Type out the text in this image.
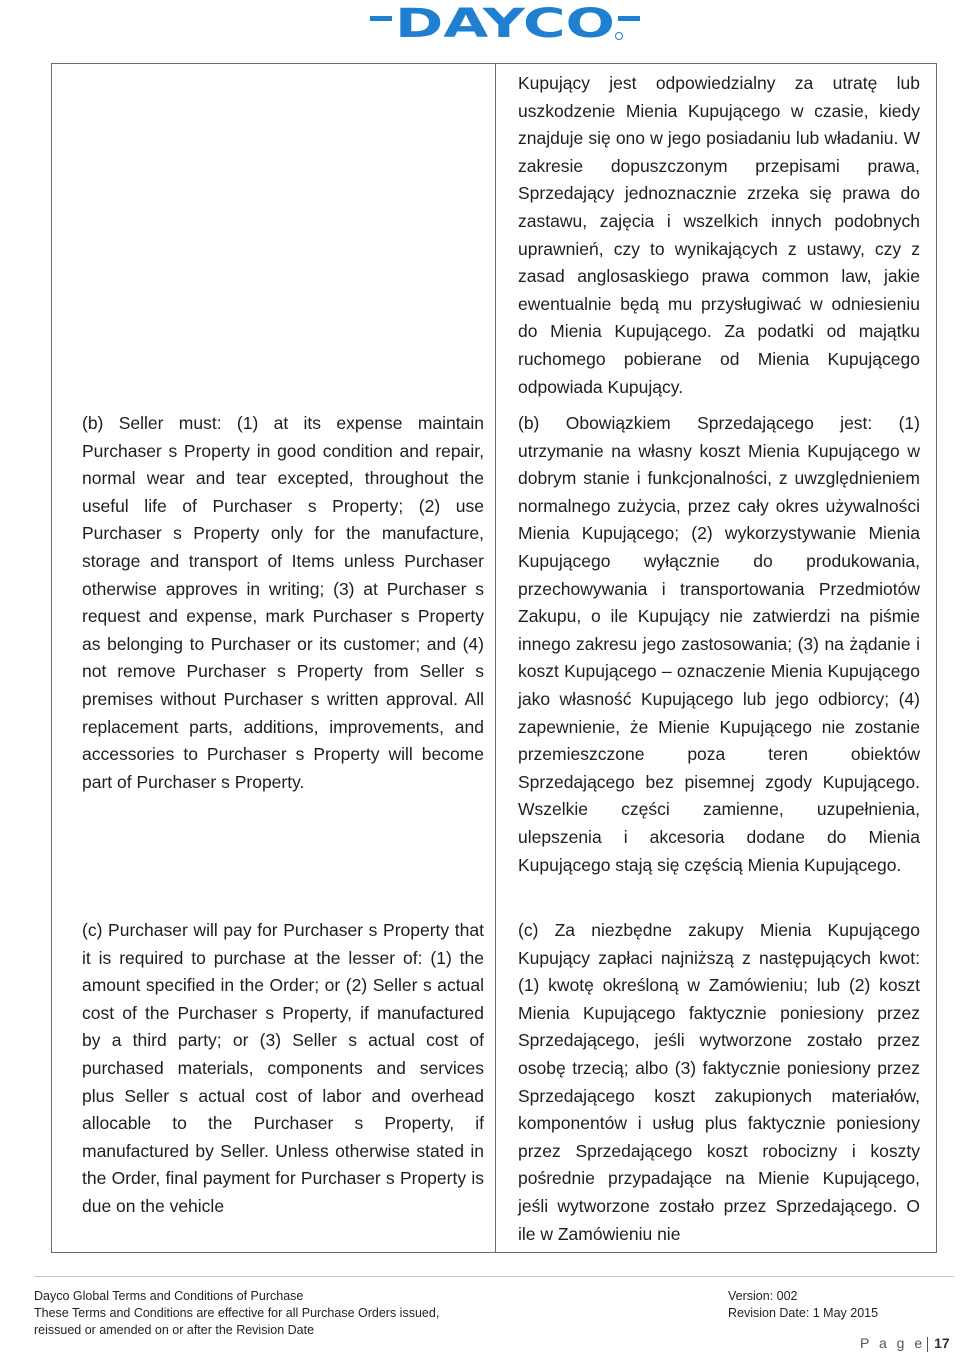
DAYCO

Kupujący jest odpowiedzialny za utratę lub uszkodzenie Mienia Kupującego w czasie, kiedy znajduje się ono w jego posiadaniu lub władaniu. W zakresie dopuszczonym przepisami prawa, Sprzedający jednoznacznie zrzeka się prawa do zastawu, zajęcia i wszelkich innych podobnych uprawnień, czy to wynikających z ustawy, czy z zasad anglosaskiego prawa common law, jakie ewentualnie będą mu przysługiwać w odniesieniu do Mienia Kupującego. Za podatki od majątku ruchomego pobierane od Mienia Kupującego odpowiada Kupujący.

(b) Seller must: (1) at its expense maintain Purchaser s Property in good condition and repair, normal wear and tear excepted, throughout the useful life of Purchaser s Property; (2) use Purchaser s Property only for the manufacture, storage and transport of Items unless Purchaser otherwise approves in writing; (3) at Purchaser s request and expense, mark Purchaser s Property as belonging to Purchaser or its customer; and (4) not remove Purchaser s Property from Seller s premises without Purchaser s written approval. All replacement parts, additions, improvements, and accessories to Purchaser s Property will become part of Purchaser s Property.

(b) Obowiązkiem Sprzedającego jest: (1) utrzymanie na własny koszt Mienia Kupującego w dobrym stanie i funkcjonalności, z uwzględnieniem normalnego zużycia, przez cały okres używalności Mienia Kupującego; (2) wykorzystywanie Mienia Kupującego wyłącznie do produkowania, przechowywania i transportowania Przedmiotów Zakupu, o ile Kupujący nie zatwierdzi na piśmie innego zakresu jego zastosowania; (3) na żądanie i koszt Kupującego – oznaczenie Mienia Kupującego jako własność Kupującego lub jego odbiorcy; (4) zapewnienie, że Mienie Kupującego nie zostanie przemieszczone poza teren obiektów Sprzedającego bez pisemnej zgody Kupującego. Wszelkie części zamienne, uzupełnienia, ulepszenia i akcesoria dodane do Mienia Kupującego stają się częścią Mienia Kupującego.

(c) Purchaser will pay for Purchaser s Property that it is required to purchase at the lesser of: (1) the amount specified in the Order; or (2) Seller s actual cost of the Purchaser s Property, if manufactured by a third party; or (3) Seller s actual cost of purchased materials, components and services plus Seller s actual cost of labor and overhead allocable to the Purchaser s Property, if manufactured by Seller. Unless otherwise stated in the Order, final payment for Purchaser s Property is due on the vehicle

(c) Za niezbędne zakupy Mienia Kupującego Kupujący zapłaci najniższą z następujących kwot: (1) kwotę określoną w Zamówieniu; lub (2) koszt Mienia Kupującego faktycznie poniesiony przez Sprzedającego, jeśli wytworzone zostało przez osobę trzecią; albo (3) faktycznie poniesiony przez Sprzedającego koszt zakupionych materiałów, komponentów i usług plus faktycznie poniesiony przez Sprzedającego koszt robocizny i koszty pośrednie przypadające na Mienie Kupującego, jeśli wytworzone zostało przez Sprzedającego. O ile w Zamówieniu nie

Dayco Global Terms and Conditions of Purchase
These Terms and Conditions are effective for all Purchase Orders issued,
reissued or amended on or after the Revision Date
Version: 002
Revision Date: 1 May 2015
P a g e 17
